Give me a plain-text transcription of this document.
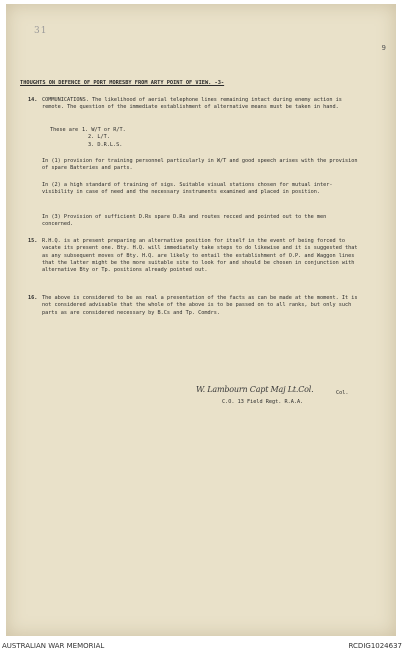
31
9
THOUGHTS ON DEFENCE OF PORT MORESBY FROM ARTY POINT OF VIEW. -3-
14. COMMUNICATIONS. The likelihood of aerial telephone lines remaining intact during enemy action is remote. The question of the immediate establishment of alternative means must be taken in hand.
These are 1. W/T or R/T.
2. L/T.
3. D.R.L.S.
In (1) provision for training personnel particularly in W/T and good speech arises with the provision of spare Batteries and parts.
In (2) a high standard of training of sigs. Suitable visual stations chosen for mutual inter-visibility in case of need and the necessary instruments examined and placed in position.
In (3) Provision of sufficient D.Rs spare D.Rs and routes recced and pointed out to the men concerned.
15. R.H.Q. is at present preparing an alternative position for itself in the event of being forced to vacate its present one. Bty. H.Q. will immediately take steps to do likewise and it is suggested that as any subsequent moves of Bty. H.Q. are likely to entail the establishment of O.P. and Waggon lines that the latter might be the more suitable site to look for and should be chosen in conjunction with alternative Bty or Tp. positions already pointed out.
16. The above is considered to be as real a presentation of the facts as can be made at the moment. It is not considered advisable that the whole of the above is to be passed on to all ranks, but only such parts as are considered necessary by B.Cs and Tp. Comdrs.
W. Lambourn Capt Maj Lt.Col.	Col.
C.O. 13 Field Regt. R.A.A.
AUSTRALIAN WAR MEMORIAL	RCDIG1024637
